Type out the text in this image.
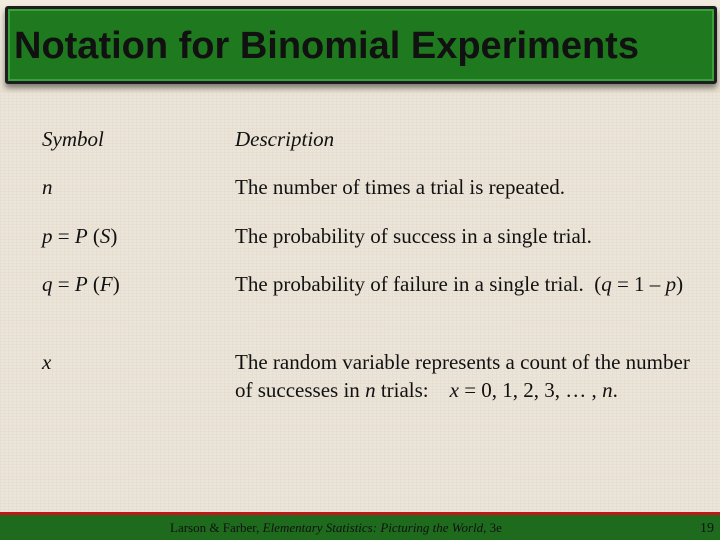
Notation for Binomial Experiments
Symbol	Description
n	The number of times a trial is repeated.
p = P (S)	The probability of success in a single trial.
q = P (F)	The probability of failure in a single trial.  (q = 1 – p)
x	The random variable represents a count of the number of successes in n trials:    x = 0, 1, 2, 3, … , n.
Larson & Farber, Elementary Statistics: Picturing the World, 3e	19
